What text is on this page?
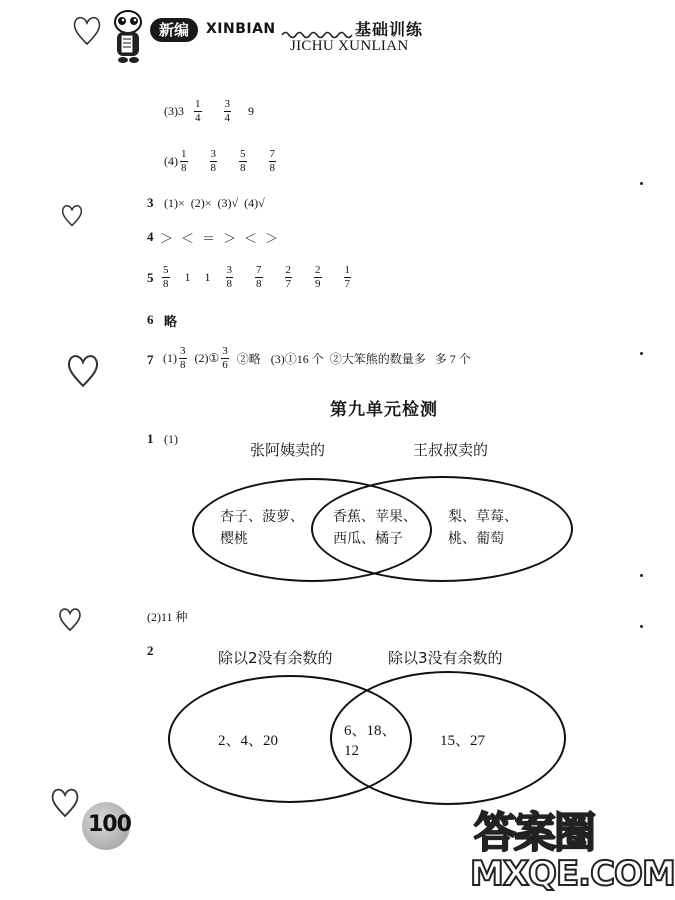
新编	XINBIAN	基础训练
JICHU XUNLIAN
(3) $3 \frac{1}{4} \frac{3}{4} 9$
$(4) \frac{1}{8} \frac{3}{8} \frac{5}{8} \frac{7}{8}$
3 (1)×  (2)×  (3)√  (4)√
4 ＞ ＜ ＝ ＞ ＜ ＞
$5 \frac{5}{8} 1$ $1 \frac{3}{8} \frac{7}{8} \frac{2}{7} \frac{2}{9} \frac{1}{7}$
6 略
7 $(1) \frac{3}{8}$ (2)① $\frac{3}{6}$ ②略 (3)①16 个  ②大笨熊的数量多   多 7 个
第九单元检测
1 (1)
张阿姨卖的	王叔叔卖的
杏子、菠萝、
樱桃
香蕉、苹果、
西瓜、橘子
梨、草莓、
桃、葡萄
(2)11 种
2	除以2没有余数的	除以3没有余数的
2、4、20
6、18、
12
15、27
100	答案圈
MXQE.COM
